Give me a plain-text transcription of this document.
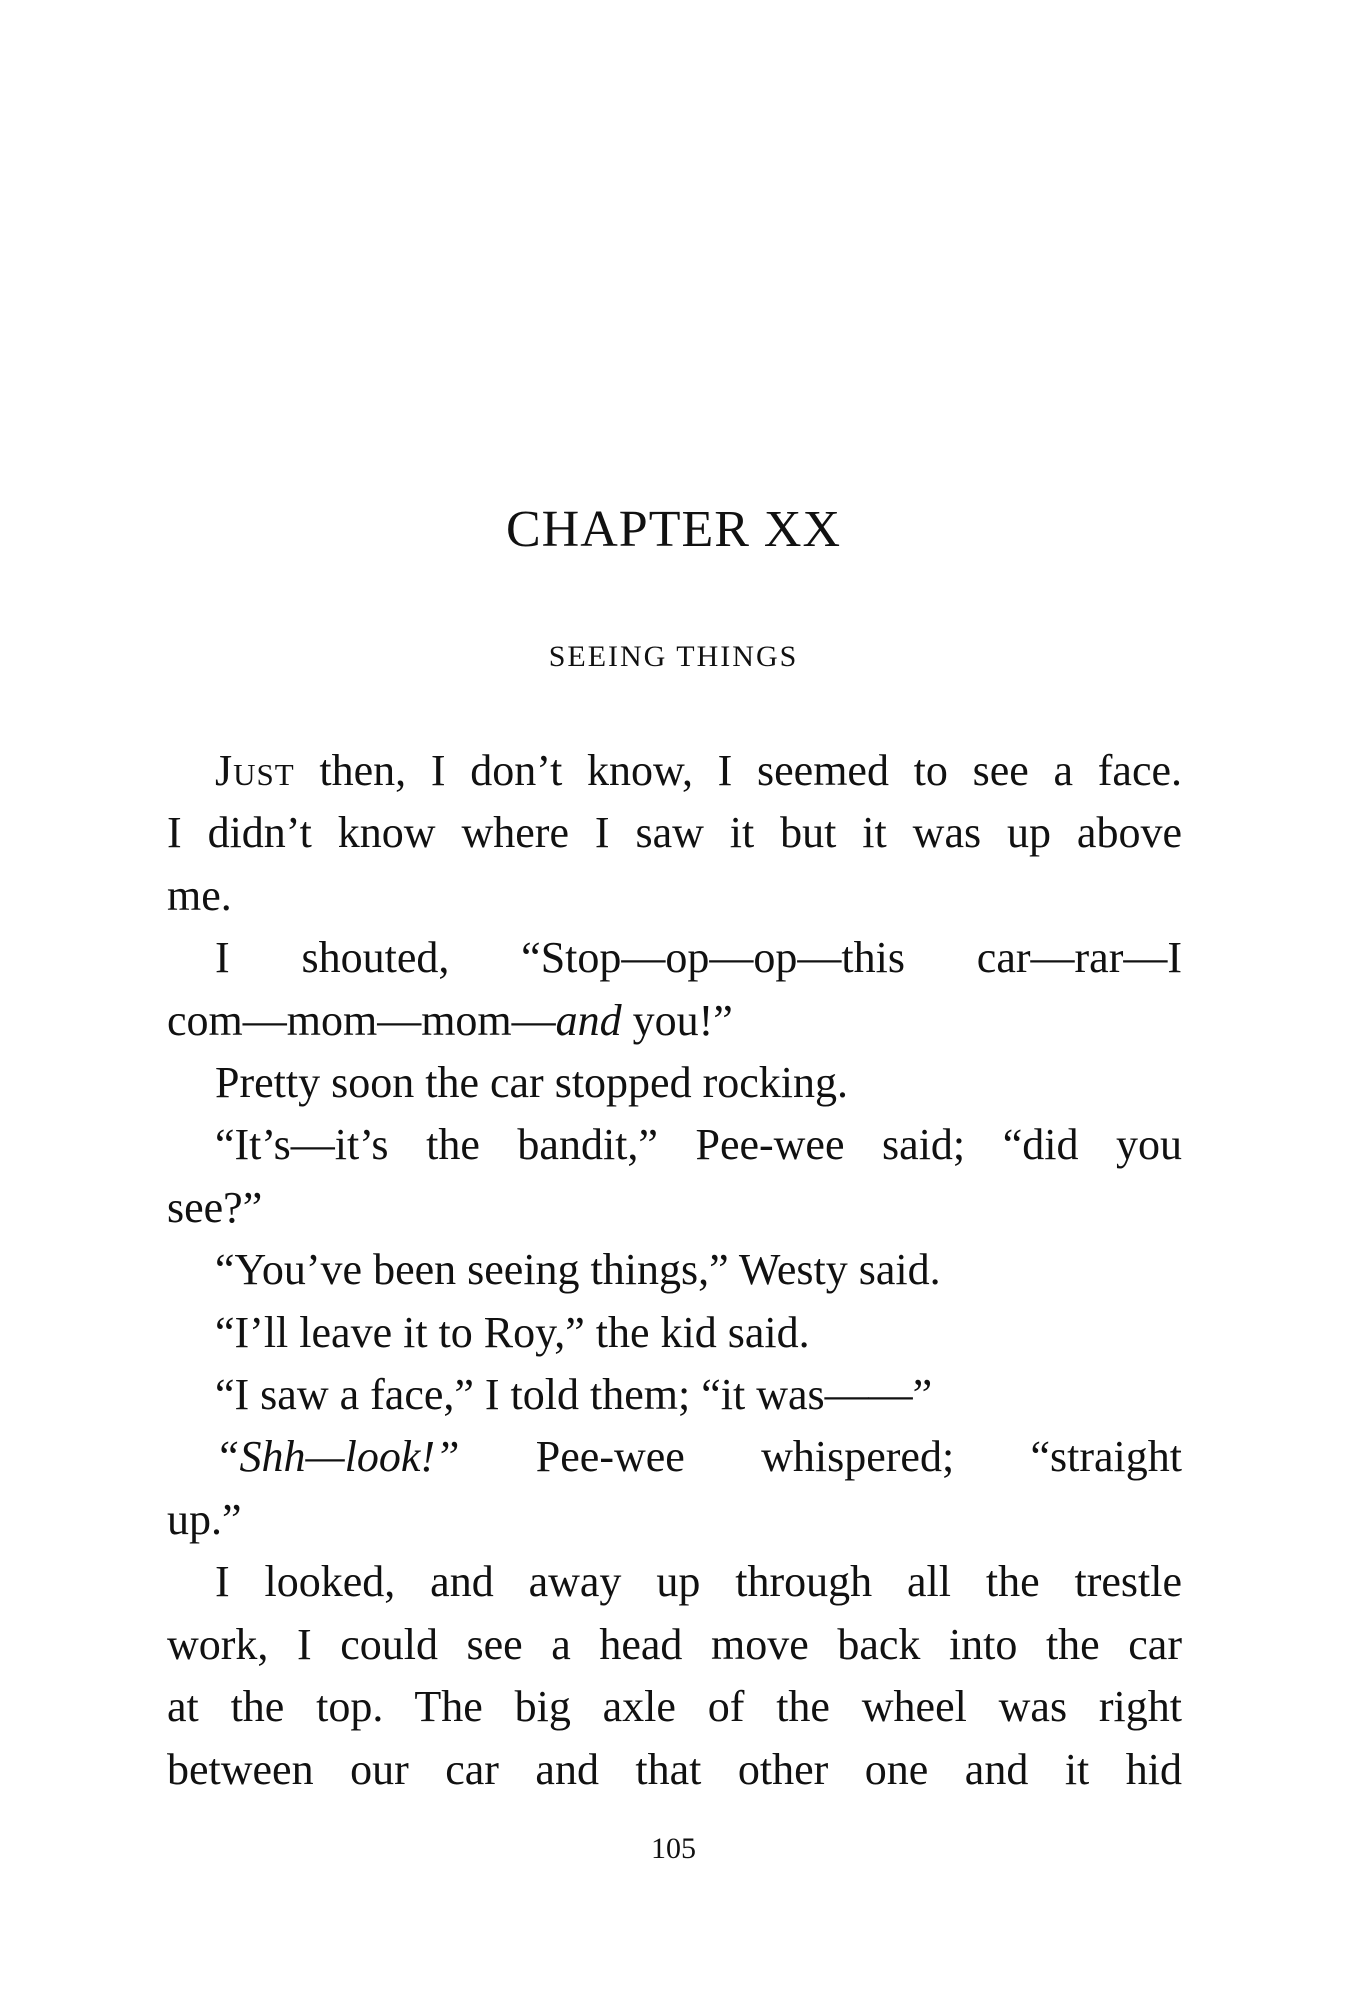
CHAPTER XX
SEEING THINGS
Just then, I don’t know, I seemed to see a face.
I didn’t know where I saw it but it was up above
me.
I shouted, “Stop—op—op—this car—rar—I
com—mom—mom—and you!”
Pretty soon the car stopped rocking.
“It’s—it’s the bandit,” Pee-wee said; “did you
see?”
“You’ve been seeing things,” Westy said.
“I’ll leave it to Roy,” the kid said.
“I saw a face,” I told them; “it was——”
“Shh—look!” Pee-wee whispered; “straight
up.”
I looked, and away up through all the trestle
work, I could see a head move back into the car
at the top. The big axle of the wheel was right
between our car and that other one and it hid
105
